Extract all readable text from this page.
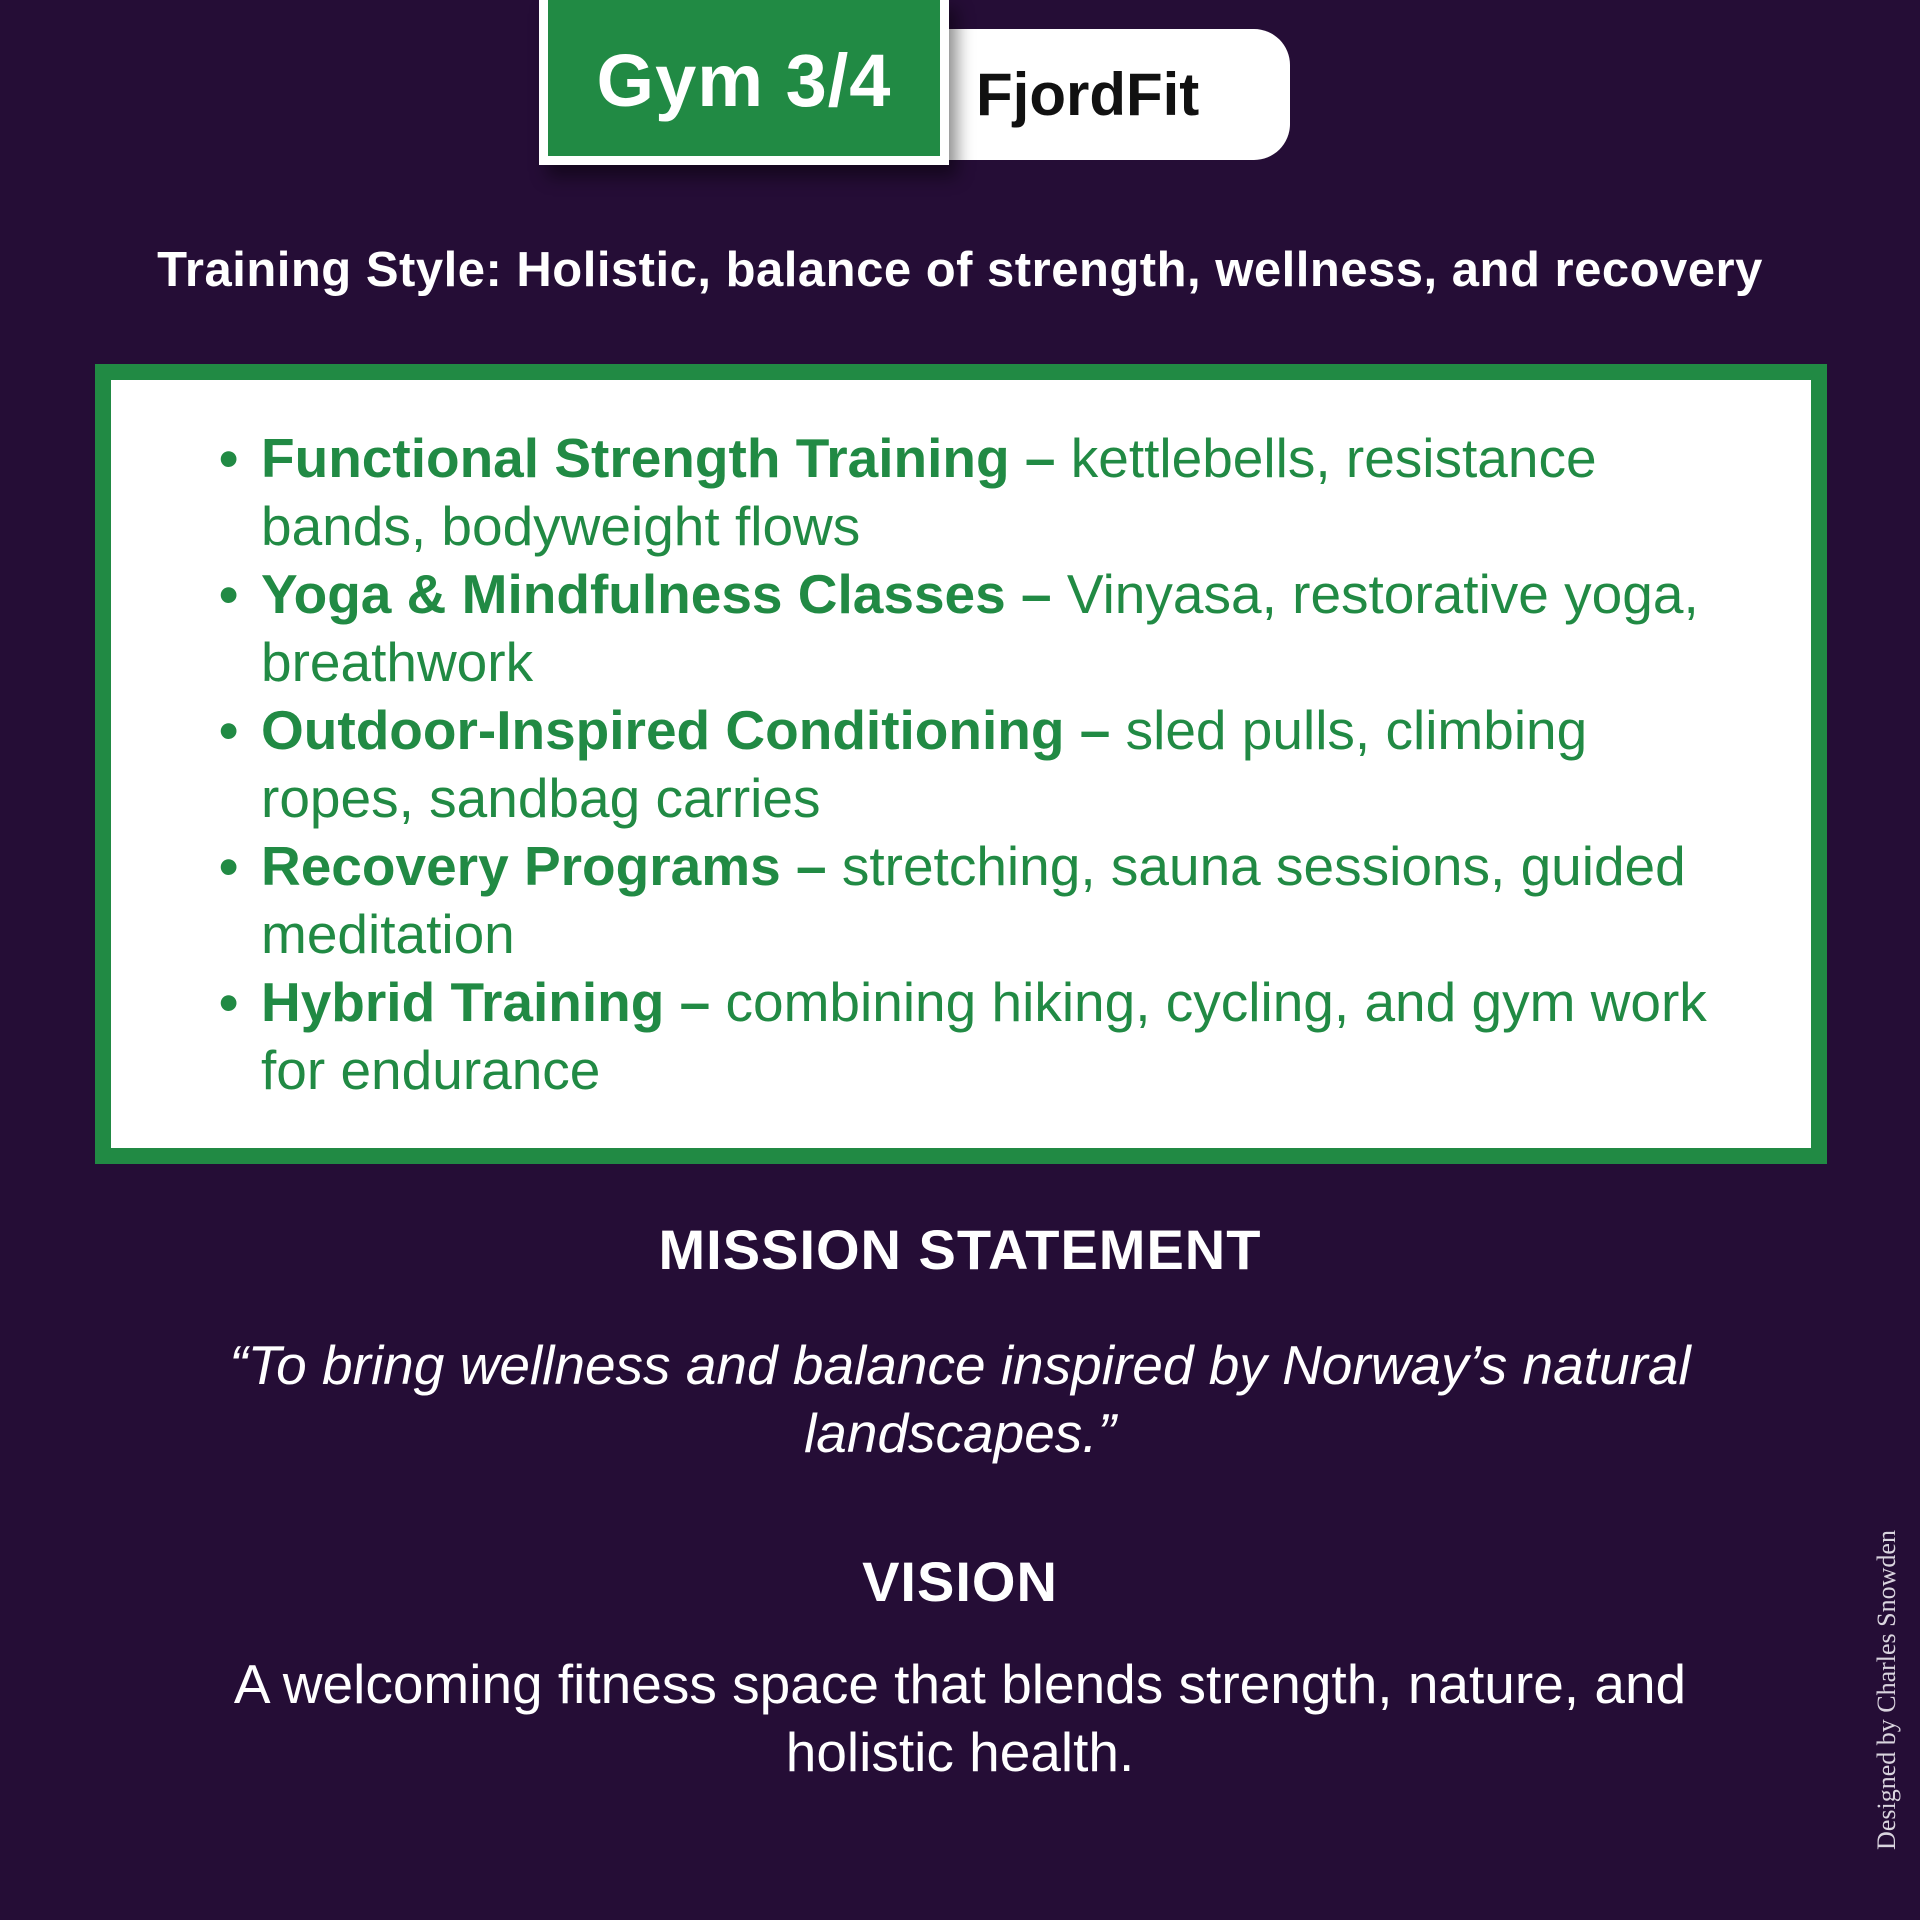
Gym 3/4	FjordFit
Training Style: Holistic, balance of strength, wellness, and recovery
• Functional Strength Training – kettlebells, resistance bands, bodyweight flows
• Yoga & Mindfulness Classes – Vinyasa, restorative yoga, breathwork
• Outdoor-Inspired Conditioning – sled pulls, climbing ropes, sandbag carries
• Recovery Programs – stretching, sauna sessions, guided meditation
• Hybrid Training – combining hiking, cycling, and gym work for endurance
MISSION STATEMENT
“To bring wellness and balance inspired by Norway’s natural landscapes.”
VISION
A welcoming fitness space that blends strength, nature, and holistic health.	Designed by Charles Snowden
